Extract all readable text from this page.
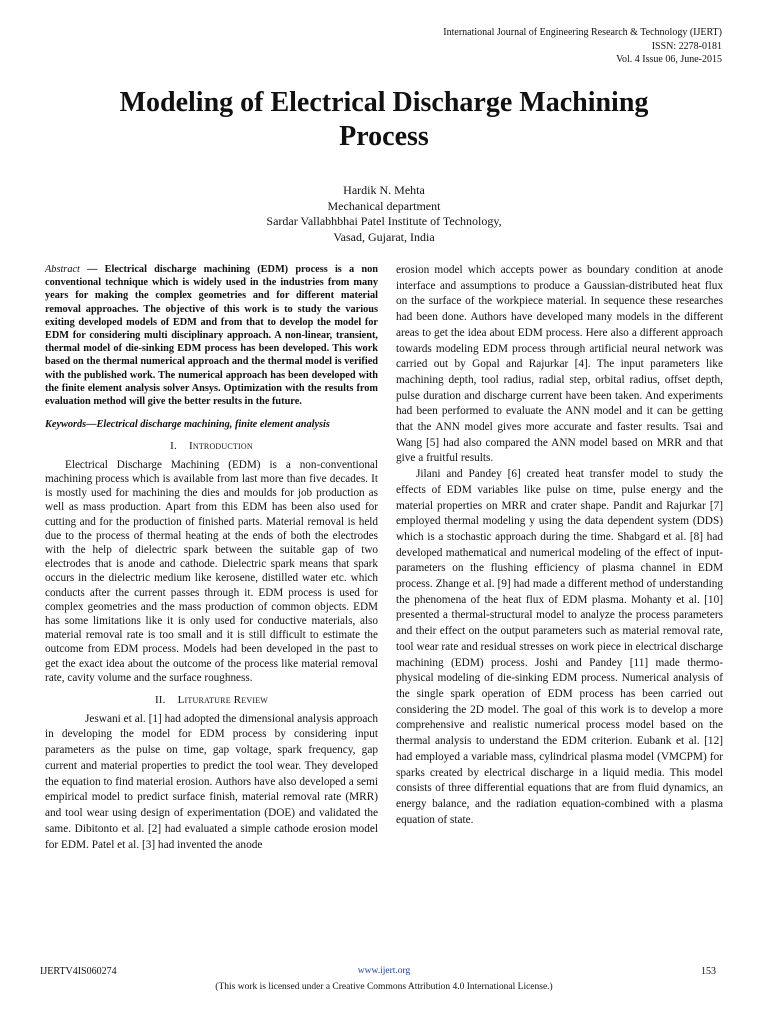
International Journal of Engineering Research & Technology (IJERT)
ISSN: 2278-0181
Vol. 4 Issue 06, June-2015
Modeling of Electrical Discharge Machining
Process
Hardik N. Mehta
Mechanical department
Sardar Vallabhbhai Patel Institute of Technology,
Vasad, Gujarat, India

Abstract — Electrical discharge machining (EDM) process is a non conventional technique which is widely used in the industries from many years for making the complex geometries and for different material removal approaches. The objective of this work is to study the various exiting developed models of EDM and from that to develop the model for EDM for considering multi disciplinary approach. A non-linear, transient, thermal model of die-sinking EDM process has been developed. This work based on the thermal numerical approach and the thermal model is verified with the published work. The numerical approach has been developed with the finite element analysis solver Ansys. Optimization with the results from evaluation method will give the better results in the future.

Keywords—Electrical discharge machining, finite element analysis

I. Introduction

Electrical Discharge Machining (EDM) is a non-conventional machining process which is available from last more than five decades. It is mostly used for machining the dies and moulds for job production as well as mass production. Apart from this EDM has been also used for cutting and for the production of finished parts. Material removal is held due to the process of thermal heating at the ends of both the electrodes with the help of dielectric spark between the suitable gap of two electrodes that is anode and cathode. Dielectric spark means that spark occurs in the dielectric medium like kerosene, distilled water etc. which conducts after the current passes through it. EDM process is used for complex geometries and the mass production of common objects. EDM has some limitations like it is only used for conductive materials, also material removal rate is too small and it is still difficult to estimate the outcome from EDM process. Models had been developed in the past to get the exact idea about the outcome of the process like material removal rate, cavity volume and the surface roughness.

II. Liturature Review

Jeswani et al. [1] had adopted the dimensional analysis approach in developing the model for EDM process by considering input parameters as the pulse on time, gap voltage, spark frequency, gap current and material properties to predict the tool wear. They developed the equation to find material erosion. Authors have also developed a semi empirical model to predict surface finish, material removal rate (MRR) and tool wear using design of experimentation (DOE) and validated the same. Dibitonto et al. [2] had evaluated a simple cathode erosion model for EDM. Patel et al. [3] had invented the anode

erosion model which accepts power as boundary condition at anode interface and assumptions to produce a Gaussian-distributed heat flux on the surface of the workpiece material. In sequence these researches had been done. Authors have developed many models in the different areas to get the idea about EDM process. Here also a different approach towards modeling EDM process through artificial neural network was carried out by Gopal and Rajurkar [4]. The input parameters like machining depth, tool radius, radial step, orbital radius, offset depth, pulse duration and discharge current have been taken. And experiments had been performed to evaluate the ANN model and it can be getting that the ANN model gives more accurate and faster results. Tsai and Wang [5] had also compared the ANN model based on MRR and that give a fruitful results.

Jilani and Pandey [6] created heat transfer model to study the effects of EDM variables like pulse on time, pulse energy and the material properties on MRR and crater shape. Pandit and Rajurkar [7] employed thermal modeling y using the data dependent system (DDS) which is a stochastic approach during the time. Shabgard et al. [8] had developed mathematical and numerical modeling of the effect of input-parameters on the flushing efficiency of plasma channel in EDM process. Zhange et al. [9] had made a different method of understanding the phenomena of the heat flux of EDM plasma. Mohanty et al. [10] presented a thermal-structural model to analyze the process parameters and their effect on the output parameters such as material removal rate, tool wear rate and residual stresses on work piece in electrical discharge machining (EDM) process. Joshi and Pandey [11] made thermo-physical modeling of die-sinking EDM process. Numerical analysis of the single spark operation of EDM process has been carried out considering the 2D model. The goal of this work is to develop a more comprehensive and realistic numerical process model based on the thermal analysis to understand the EDM criterion. Eubank et al. [12] had employed a variable mass, cylindrical plasma model (VMCPM) for sparks created by electrical discharge in a liquid media. This model consists of three differential equations that are from fluid dynamics, an energy balance, and the radiation equation-combined with a plasma equation of state.

IJERTV4IS060274	www.ijert.org	153
(This work is licensed under a Creative Commons Attribution 4.0 International License.)
